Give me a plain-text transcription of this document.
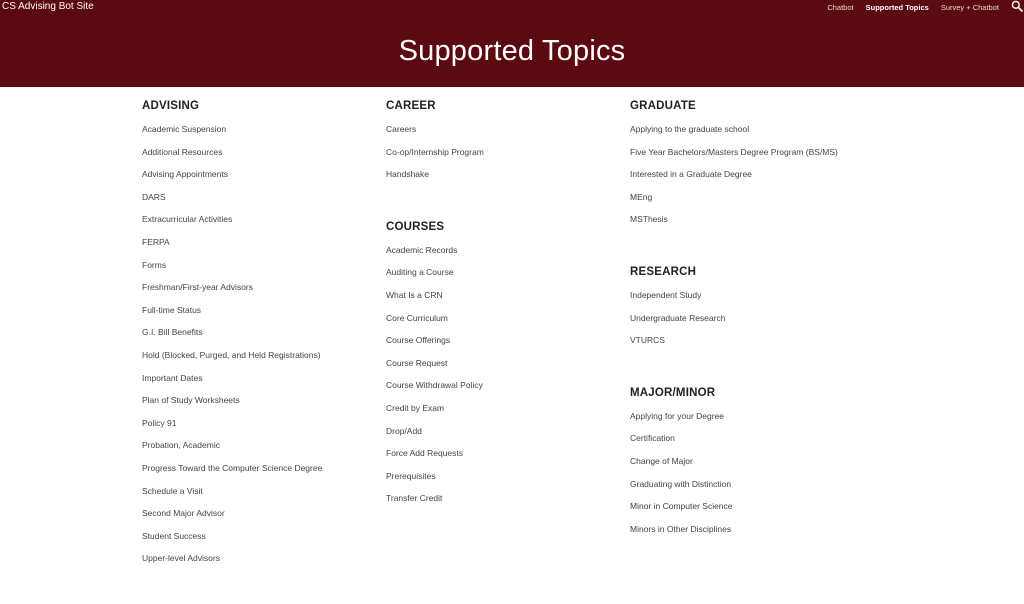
CS Advising Bot Site	Chatbot Supported Topics Survey + Chatbot
Supported Topics
ADVISING
Academic Suspension
Additional Resources
Advising Appointments
DARS
Extracurricular Activities
FERPA
Forms
Freshman/First-year Advisors
Full-time Status
G.I. Bill Benefits
Hold (Blocked, Purged, and Held Registrations)
Important Dates
Plan of Study Worksheets
Policy 91
Probation, Academic
Progress Toward the Computer Science Degree
Schedule a Visit
Second Major Advisor
Student Success
Upper-level Advisors
CAREER
Careers
Co-op/Internship Program
Handshake
COURSES
Academic Records
Auditing a Course
What Is a CRN
Core Curriculum
Course Offerings
Course Request
Course Withdrawal Policy
Credit by Exam
Drop/Add
Force Add Requests
Prerequisites
Transfer Credit
GRADUATE
Applying to the graduate school
Five Year Bachelors/Masters Degree Program (BS/MS)
Interested in a Graduate Degree
MEng
MSThesis
RESEARCH
Independent Study
Undergraduate Research
VTURCS
MAJOR/MINOR
Applying for your Degree
Certification
Change of Major
Graduating with Distinction
Minor in Computer Science
Minors in Other Disciplines
